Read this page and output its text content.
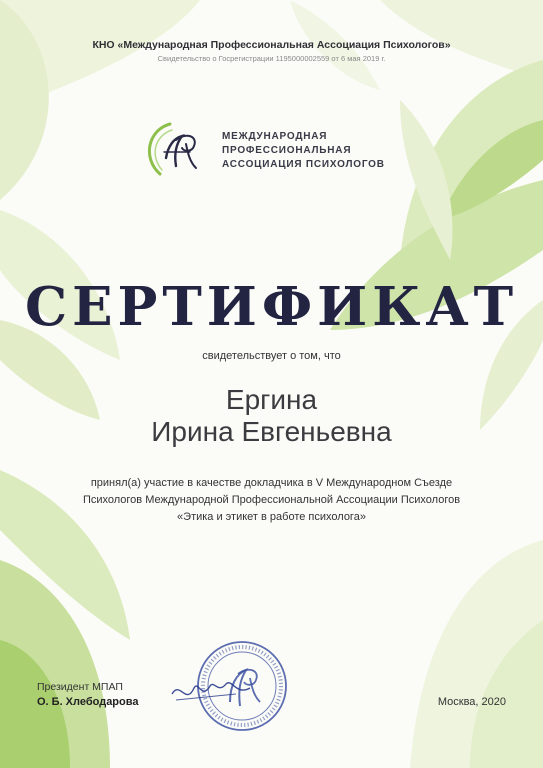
КНО «Международная Профессиональная Ассоциация Психологов»
Свидетельство о Госрегистрации 1195000002559 от 6 мая 2019 г.
МЕЖДУНАРОДНАЯ
ПРОФЕССИОНАЛЬНАЯ
АССОЦИАЦИЯ ПСИХОЛОГОВ
СЕРТИФИКАТ
свидетельствует о том, что
Ергина
Ирина Евгеньевна
принял(а) участие в качестве докладчика в V Международном Съезде
Психологов Международной Профессиональной Ассоциации Психологов
«Этика и этикет в работе психолога»
Президент МПАП
О. Б. Хлебодарова	Москва, 2020
